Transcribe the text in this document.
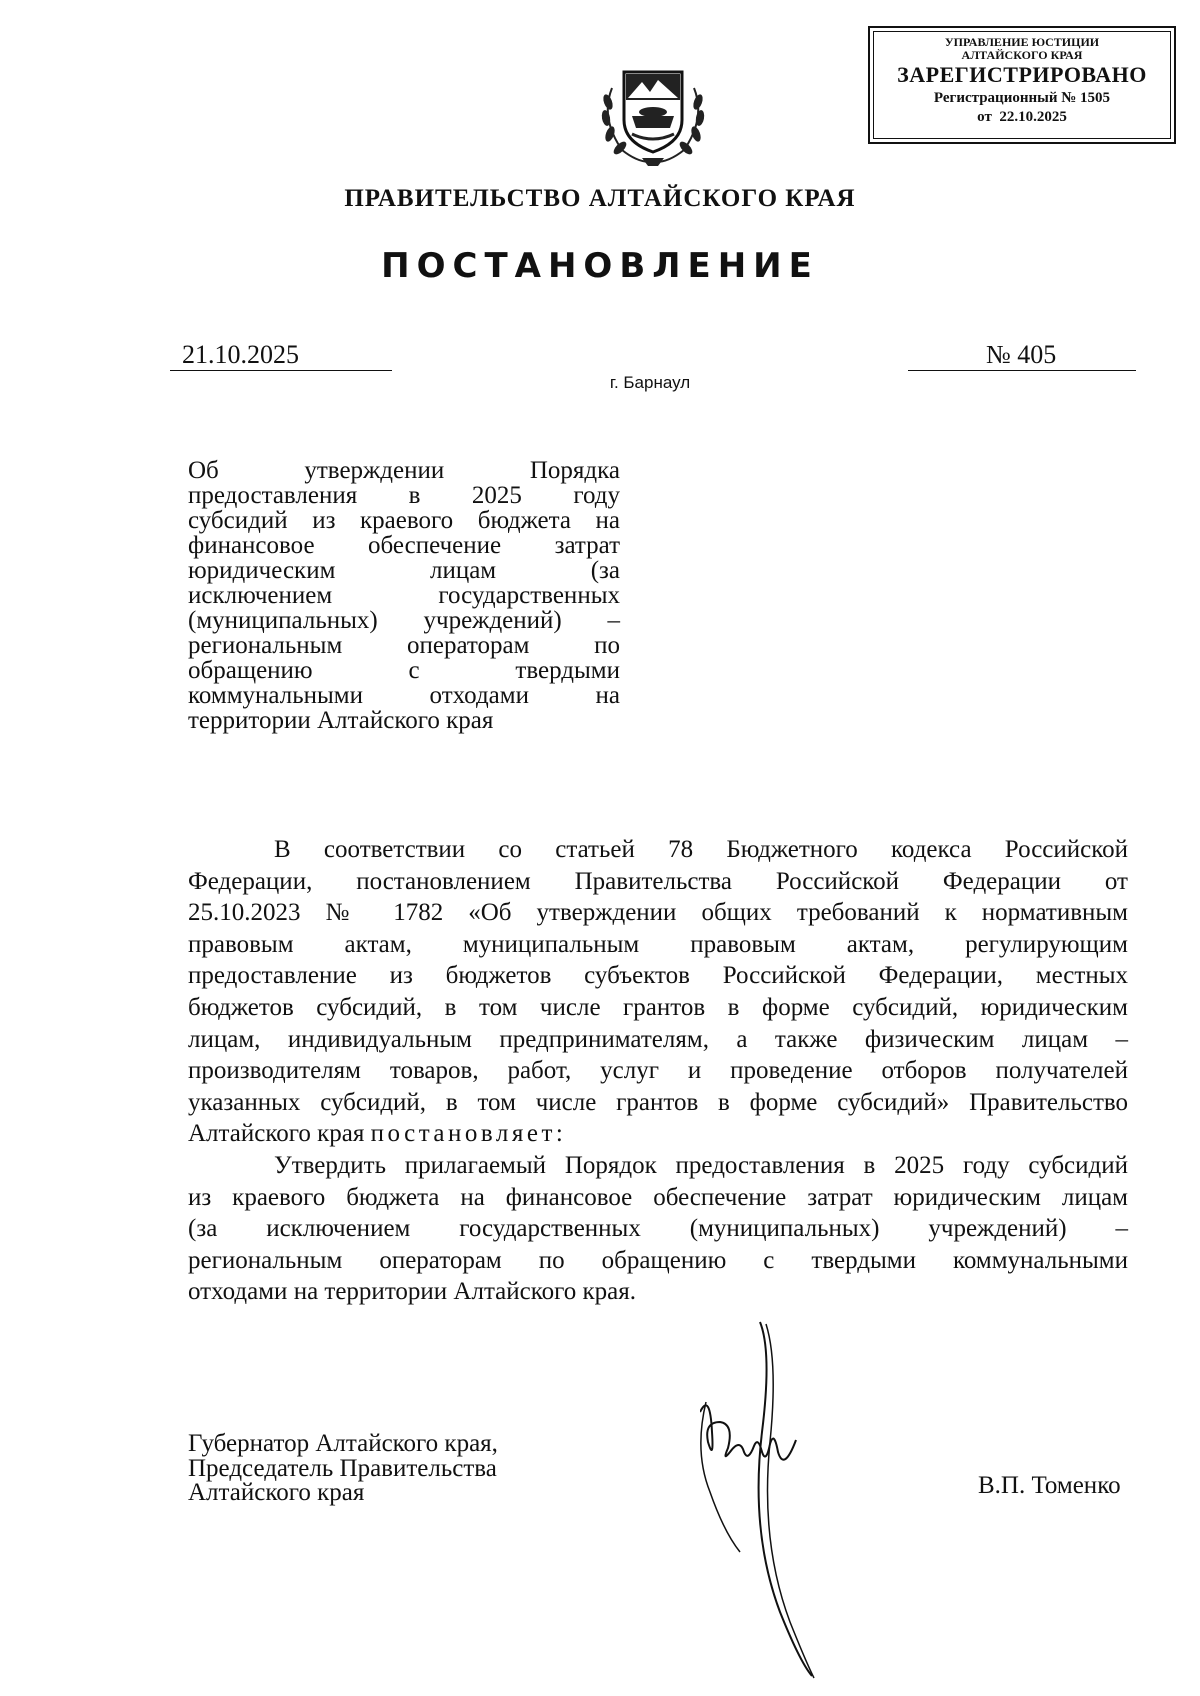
УПРАВЛЕНИЕ ЮСТИЦИИ
АЛТАЙСКОГО КРАЯ
ЗАРЕГИСТРИРОВАНО
Регистрационный № 1505
от  22.10.2025
ПРАВИТЕЛЬСТВО АЛТАЙСКОГО КРАЯ
ПОСТАНОВЛЕНИЕ
21.10.2025	№ 405
г. Барнаул
Об утверждении Порядка
предоставления в 2025 году
субсидий из краевого бюджета на
финансовое обеспечение затрат
юридическим лицам (за
исключением государственных
(муниципальных) учреждений) –
региональным операторам по
обращению с твердыми
коммунальными отходами на
территории Алтайского края
В соответствии со статьей 78 Бюджетного кодекса Российской
Федерации, постановлением Правительства Российской Федерации от
25.10.2023 № 1782 «Об утверждении общих требований к нормативным
правовым актам, муниципальным правовым актам, регулирующим
предоставление из бюджетов субъектов Российской Федерации, местных
бюджетов субсидий, в том числе грантов в форме субсидий, юридическим
лицам, индивидуальным предпринимателям, а также физическим лицам –
производителям товаров, работ, услуг и проведение отборов получателей
указанных субсидий, в том числе грантов в форме субсидий» Правительство
Алтайского края постановляет:
Утвердить прилагаемый Порядок предоставления в 2025 году субсидий
из краевого бюджета на финансовое обеспечение затрат юридическим лицам
(за исключением государственных (муниципальных) учреждений) –
региональным операторам по обращению с твердыми коммунальными
отходами на территории Алтайского края.
Губернатор Алтайского края,
Председатель Правительства
Алтайского края	В.П. Томенко
